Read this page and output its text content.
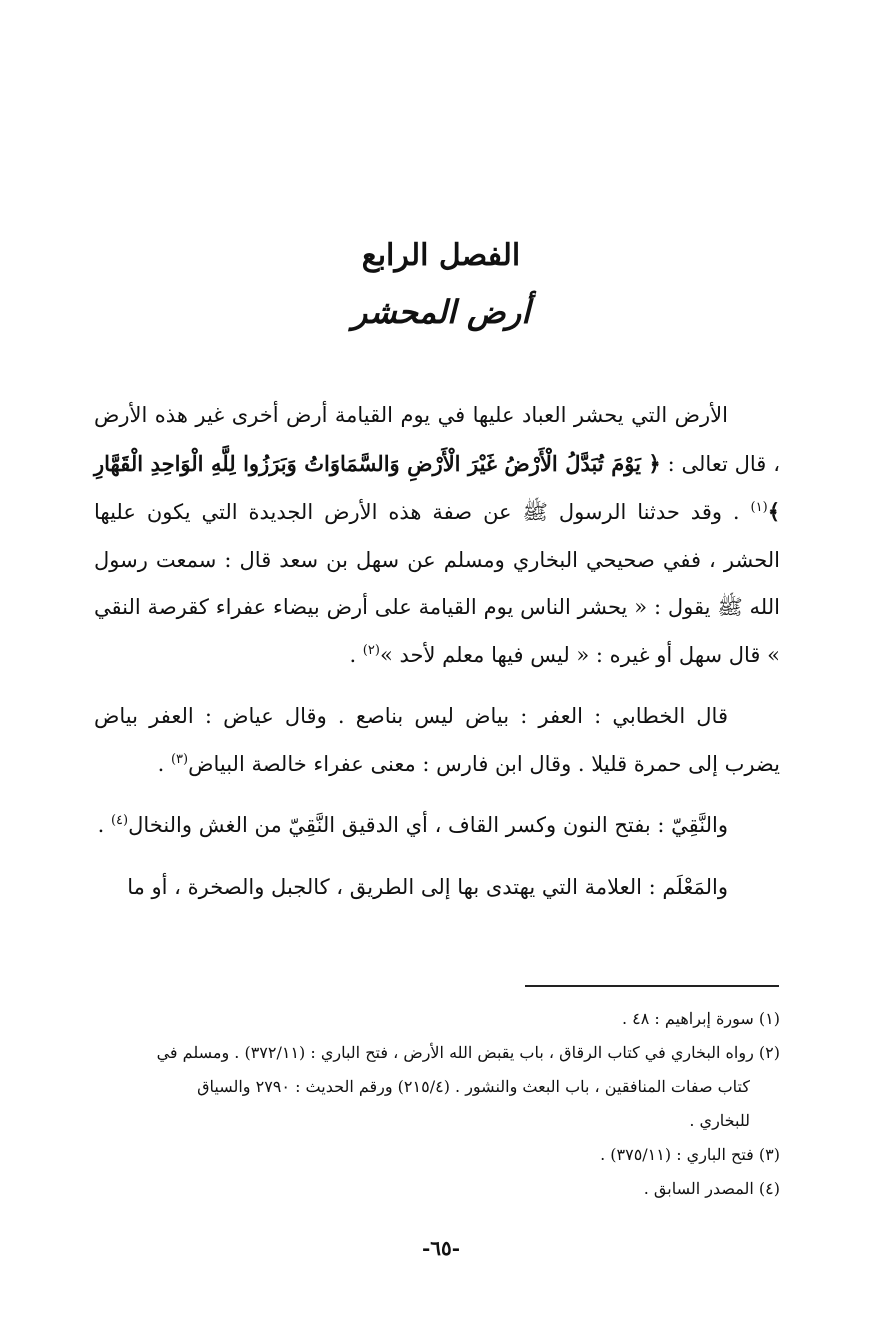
الفصل الرابع
أرض المحشر

الأرض التي يحشر العباد عليها في يوم القيامة أرض أخرى غير هذه الأرض ، قال تعالى : ﴿ يَوْمَ تُبَدَّلُ الْأَرْضُ غَيْرَ الْأَرْضِ وَالسَّمَاوَاتُ وَبَرَزُوا لِلَّهِ الْوَاحِدِ الْقَهَّارِ ﴾$^{(١)}$ . وقد حدثنا الرسول ﷺ عن صفة هذه الأرض الجديدة التي يكون عليها الحشر ، ففي صحيحي البخاري ومسلم عن سهل بن سعد قال : سمعت رسول الله ﷺ يقول : « يحشر الناس يوم القيامة على أرض بيضاء عفراء كقرصة النقي » قال سهل أو غيره : « ليس فيها معلم لأحد »$^{(٢)}$ .

قال الخطابي : العفر : بياض ليس بناصع . وقال عياض : العفر بياض يضرب إلى حمرة قليلا . وقال ابن فارس : معنى عفراء خالصة البياض$^{(٣)}$ .

والنَّقِيّ : بفتح النون وكسر القاف ، أي الدقيق النَّقِيّ من الغش والنخال$^{(٤)}$ .

والمَعْلَم : العلامة التي يهتدى بها إلى الطريق ، كالجبل والصخرة ، أو ما

(١) سورة إبراهيم : ٤٨ .

(٢) رواه البخاري في كتاب الرقاق ، باب يقبض الله الأرض ، فتح الباري : (٣٧٢/١١) . ومسلم في
كتاب صفات المنافقين ، باب البعث والنشور . (٢١٥/٤) ورقم الحديث : ٢٧٩٠ والسياق
للبخاري .

(٣) فتح الباري : (٣٧٥/١١) .

(٤) المصدر السابق .

-٦٥-
